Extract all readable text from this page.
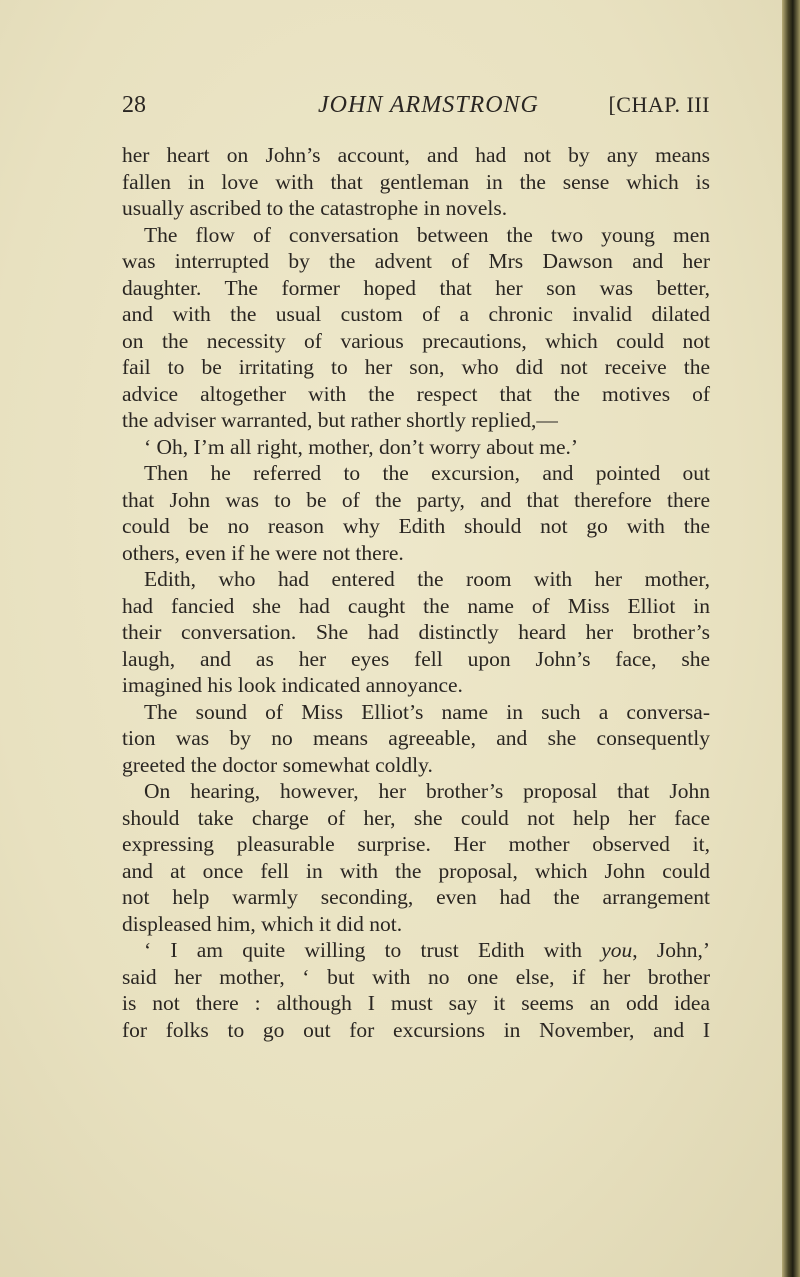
28	JOHN ARMSTRONG	[CHAP. III
her heart on John’s account, and had not by any means
fallen in love with that gentleman in the sense which is
usually ascribed to the catastrophe in novels.
The flow of conversation between the two young men
was interrupted by the advent of Mrs Dawson and her
daughter. The former hoped that her son was better,
and with the usual custom of a chronic invalid dilated
on the necessity of various precautions, which could not
fail to be irritating to her son, who did not receive the
advice altogether with the respect that the motives of
the adviser warranted, but rather shortly replied,—
‘ Oh, I’m all right, mother, don’t worry about me.’
Then he referred to the excursion, and pointed out
that John was to be of the party, and that therefore there
could be no reason why Edith should not go with the
others, even if he were not there.
Edith, who had entered the room with her mother,
had fancied she had caught the name of Miss Elliot in
their conversation. She had distinctly heard her brother’s
laugh, and as her eyes fell upon John’s face, she
imagined his look indicated annoyance.
The sound of Miss Elliot’s name in such a conversa-
tion was by no means agreeable, and she consequently
greeted the doctor somewhat coldly.
On hearing, however, her brother’s proposal that John
should take charge of her, she could not help her face
expressing pleasurable surprise. Her mother observed it,
and at once fell in with the proposal, which John could
not help warmly seconding, even had the arrangement
displeased him, which it did not.
‘ I am quite willing to trust Edith with you, John,’
said her mother, ‘ but with no one else, if her brother
is not there : although I must say it seems an odd idea
for folks to go out for excursions in November, and I
